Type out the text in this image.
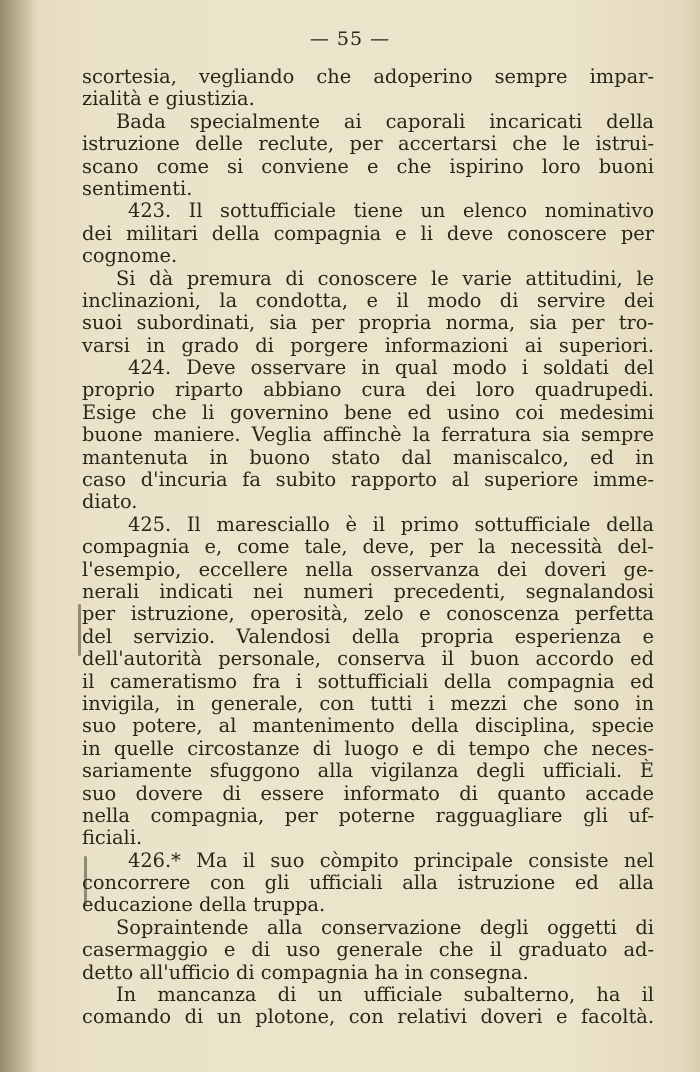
— 55 —
scortesia, vegliando che adoperino sempre impar-
zialità e giustizia.
Bada specialmente ai caporali incaricati della
istruzione delle reclute, per accertarsi che le istrui-
scano come si conviene e che ispirino loro buoni
sentimenti.
423. Il sottufficiale tiene un elenco nominativo
dei militari della compagnia e li deve conoscere per
cognome.
Si dà premura di conoscere le varie attitudini, le
inclinazioni, la condotta, e il modo di servire dei
suoi subordinati, sia per propria norma, sia per tro-
varsi in grado di porgere informazioni ai superiori.
424. Deve osservare in qual modo i soldati del
proprio riparto abbiano cura dei loro quadrupedi.
Esige che li governino bene ed usino coi medesimi
buone maniere. Veglia affinchè la ferratura sia sempre
mantenuta in buono stato dal maniscalco, ed in
caso d'incuria fa subito rapporto al superiore imme-
diato.
425. Il maresciallo è il primo sottufficiale della
compagnia e, come tale, deve, per la necessità del-
l'esempio, eccellere nella osservanza dei doveri ge-
nerali indicati nei numeri precedenti, segnalandosi
per istruzione, operosità, zelo e conoscenza perfetta
del servizio. Valendosi della propria esperienza e
dell'autorità personale, conserva il buon accordo ed
il cameratismo fra i sottufficiali della compagnia ed
invigila, in generale, con tutti i mezzi che sono in
suo potere, al mantenimento della disciplina, specie
in quelle circostanze di luogo e di tempo che neces-
sariamente sfuggono alla vigilanza degli ufficiali. È
suo dovere di essere informato di quanto accade
nella compagnia, per poterne ragguagliare gli uf-
ficiali.
426.* Ma il suo còmpito principale consiste nel
concorrere con gli ufficiali alla istruzione ed alla
educazione della truppa.
Sopraintende alla conservazione degli oggetti di
casermaggio e di uso generale che il graduato ad-
detto all'ufficio di compagnia ha in consegna.
In mancanza di un ufficiale subalterno, ha il
comando di un plotone, con relativi doveri e facoltà.
